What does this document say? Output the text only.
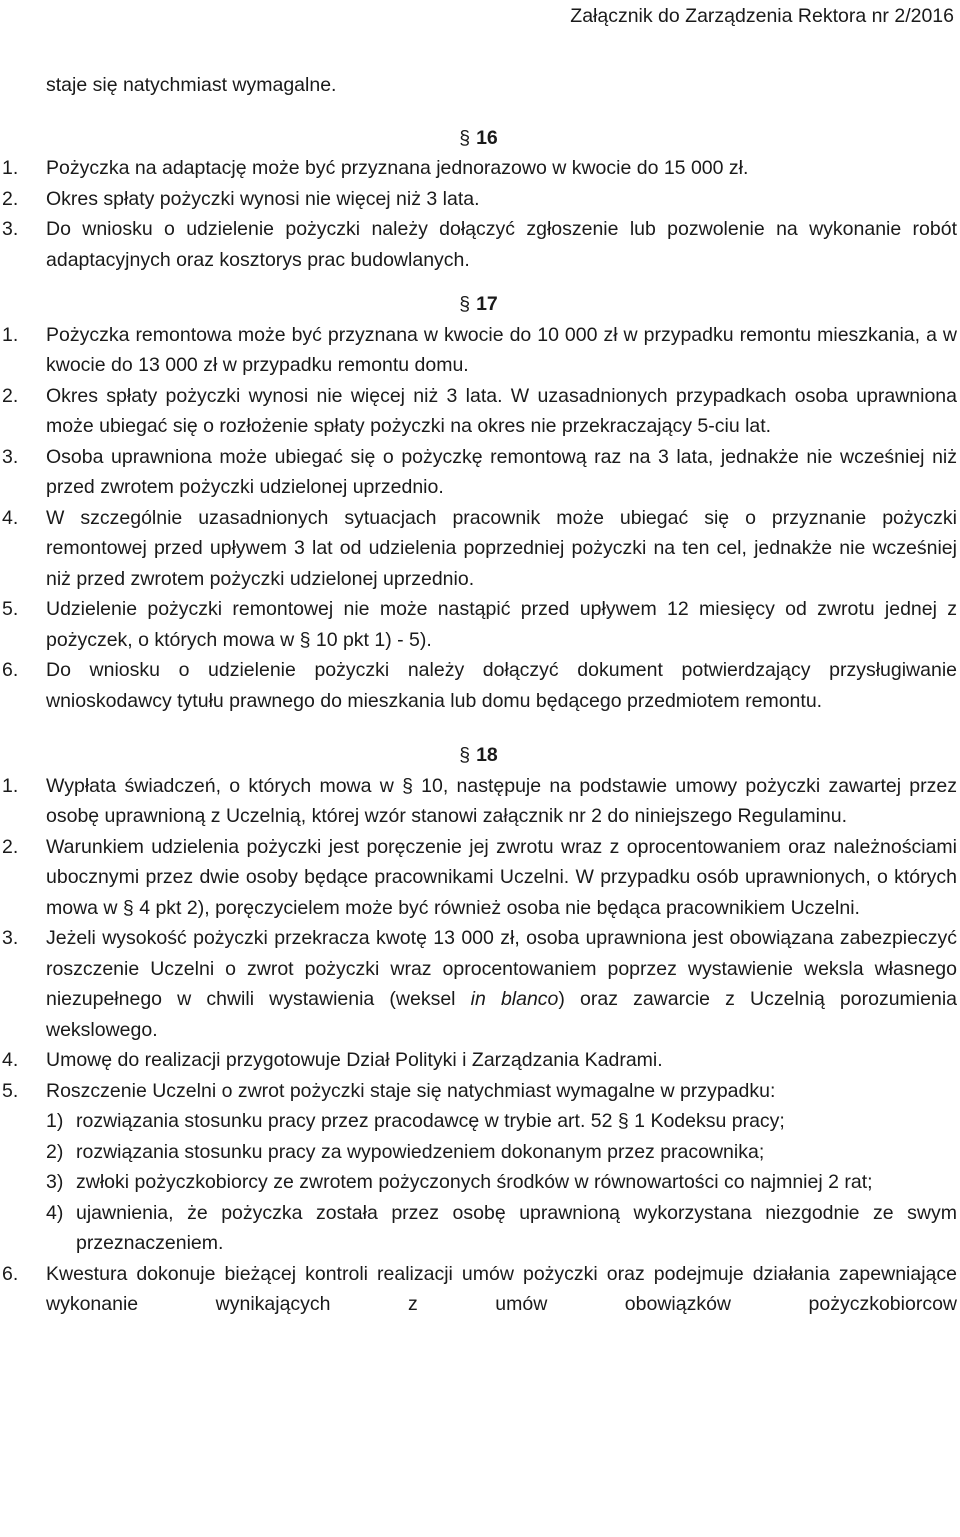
Załącznik do Zarządzenia Rektora nr 2/2016

staje się natychmiast wymagalne.

§ 16

1. Pożyczka na adaptację może być przyznana jednorazowo w kwocie do 15 000 zł.

2. Okres spłaty pożyczki wynosi nie więcej niż 3 lata.

3. Do wniosku o udzielenie pożyczki należy dołączyć zgłoszenie lub pozwolenie na wykonanie robót adaptacyjnych oraz kosztorys prac budowlanych.

§ 17

1. Pożyczka remontowa może być przyznana w kwocie do 10 000 zł w przypadku remontu mieszkania, a w kwocie do 13 000 zł w przypadku remontu domu.

2. Okres spłaty pożyczki wynosi nie więcej niż 3 lata. W uzasadnionych przypadkach osoba uprawniona może ubiegać się o rozłożenie spłaty pożyczki na okres nie przekraczający 5-ciu lat.

3. Osoba uprawniona może ubiegać się o pożyczkę remontową raz na 3 lata, jednakże nie wcześniej niż przed zwrotem pożyczki udzielonej uprzednio.

4. W szczególnie uzasadnionych sytuacjach pracownik może ubiegać się o przyznanie pożyczki remontowej przed upływem 3 lat od udzielenia poprzedniej pożyczki na ten cel, jednakże nie wcześniej niż przed zwrotem pożyczki udzielonej uprzednio.

5. Udzielenie pożyczki remontowej nie może nastąpić przed upływem 12 miesięcy od zwrotu jednej z pożyczek, o których mowa w § 10 pkt 1) - 5).

6. Do wniosku o udzielenie pożyczki należy dołączyć dokument potwierdzający przysługiwanie wnioskodawcy tytułu prawnego do mieszkania lub domu będącego przedmiotem remontu.

§ 18

1. Wypłata świadczeń, o których mowa w § 10, następuje na podstawie umowy pożyczki zawartej przez osobę uprawnioną z Uczelnią, której wzór stanowi załącznik nr 2 do niniejszego Regulaminu.

2. Warunkiem udzielenia pożyczki jest poręczenie jej zwrotu wraz z oprocentowaniem oraz należnościami ubocznymi przez dwie osoby będące pracownikami Uczelni. W przypadku osób uprawnionych, o których mowa w § 4 pkt 2), poręczycielem może być również osoba nie będąca pracownikiem Uczelni.

3. Jeżeli wysokość pożyczki przekracza kwotę 13 000 zł, osoba uprawniona jest obowiązana zabezpieczyć roszczenie Uczelni o zwrot pożyczki wraz oprocentowaniem poprzez wystawienie weksla własnego niezupełnego w chwili wystawienia (weksel in blanco) oraz zawarcie z Uczelnią porozumienia wekslowego.

4. Umowę do realizacji przygotowuje Dział Polityki i Zarządzania Kadrami.

5. Roszczenie Uczelni o zwrot pożyczki staje się natychmiast wymagalne w przypadku:

1) rozwiązania stosunku pracy przez pracodawcę w trybie art. 52 § 1 Kodeksu pracy;

2) rozwiązania stosunku pracy za wypowiedzeniem dokonanym przez pracownika;

3) zwłoki pożyczkobiorcy ze zwrotem pożyczonych środków w równowartości co najmniej 2 rat;

4) ujawnienia, że pożyczka została przez osobę uprawnioną wykorzystana niezgodnie ze swym przeznaczeniem.

6. Kwestura dokonuje bieżącej kontroli realizacji umów pożyczki oraz podejmuje działania zapewniające wykonanie wynikających z umów obowiązków pożyczkobiorcow
